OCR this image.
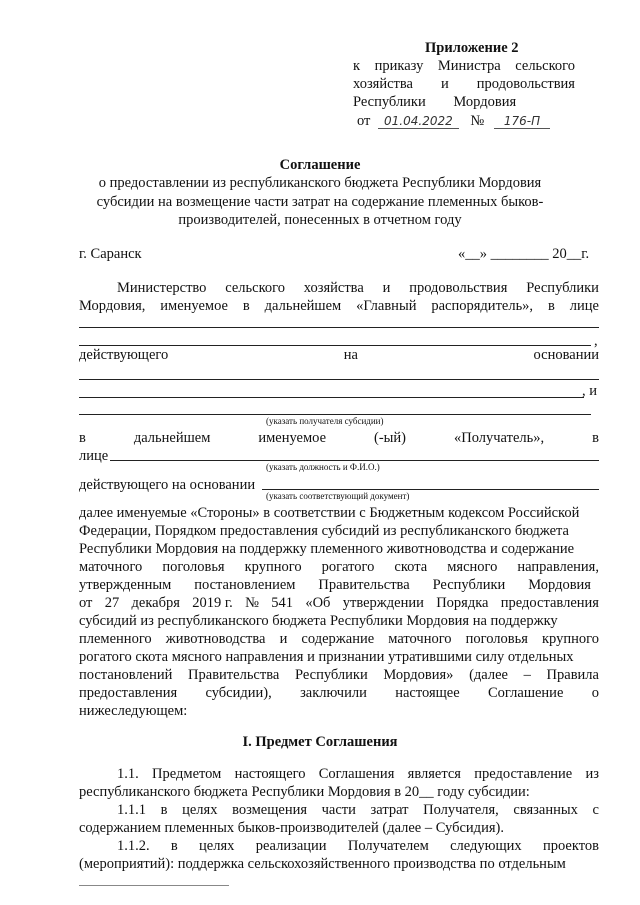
Приложение 2
к приказу Министра сельского
хозяйства и продовольствия
Республики Мордовия
от 01.04.2022 № 176-П
Соглашение
о предоставлении из республиканского бюджета Республики Мордовия
субсидии на возмещение части затрат на содержание племенных быков-
производителей, понесенных в отчетном году
г. Саранск	«__» ________ 20__г.
Министерство сельского хозяйства и продовольствия Республики
Мордовия, именуемое в дальнейшем «Главный распорядитель», в лице
,
действующего	на	основании
, и
(указать получателя субсидии)
в	дальнейшем	именуемое	(-ый)	«Получатель»,	в
лице
(указать должность и Ф.И.О.)
действующего на основании
(указать соответствующий документ)
далее именуемые «Стороны» в соответствии с Бюджетным кодексом Российской
Федерации, Порядком предоставления субсидий из республиканского бюджета
Республики Мордовия на поддержку племенного животноводства и содержание
маточного поголовья крупного рогатого скота мясного направления,
утвержденным постановлением Правительства Республики Мордовия
от 27 декабря 2019 г. № 541 «Об утверждении Порядка предоставления
субсидий из республиканского бюджета Республики Мордовия на поддержку
племенного животноводства и содержание маточного поголовья крупного
рогатого скота мясного направления и признании утратившими силу отдельных
постановлений Правительства Республики Мордовия» (далее – Правила
предоставления субсидии), заключили настоящее Соглашение о
нижеследующем:
I. Предмет Соглашения
1.1. Предметом настоящего Соглашения является предоставление из
республиканского бюджета Республики Мордовия в 20__ году субсидии:
1.1.1 в целях возмещения части затрат Получателя, связанных с
содержанием племенных быков-производителей (далее – Субсидия).
1.1.2. в целях реализации Получателем следующих проектов
(мероприятий): поддержка сельскохозяйственного производства по отдельным
